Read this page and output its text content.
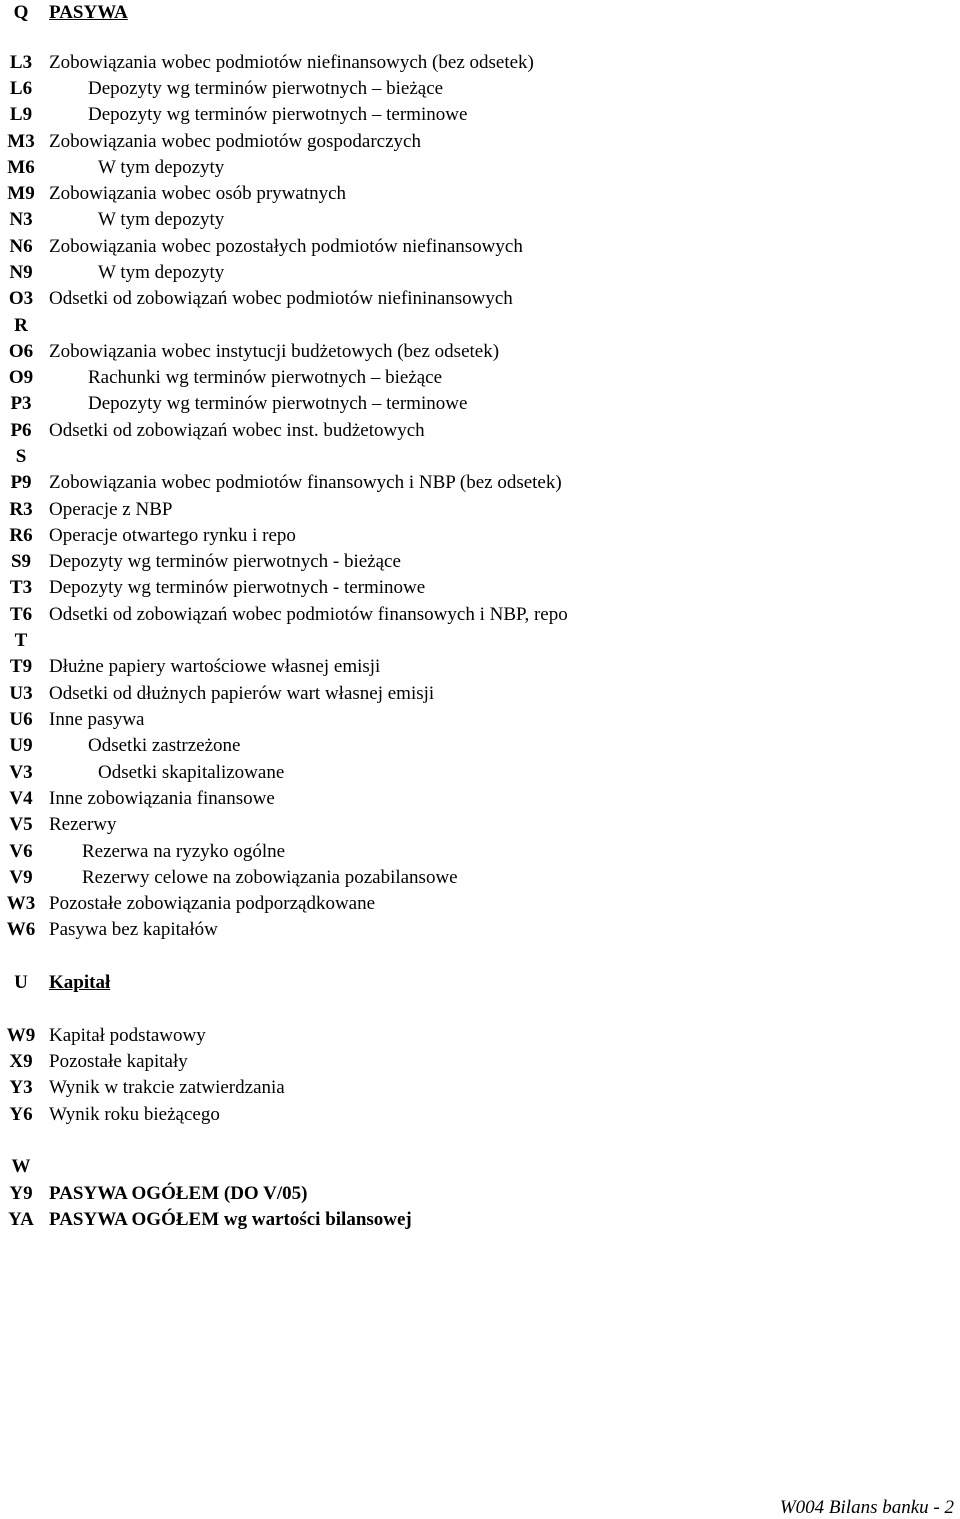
Q	PASYWA
L3 Zobowiązania wobec podmiotów niefinansowych (bez odsetek)
L6	Depozyty wg terminów pierwotnych – bieżące
L9	Depozyty wg terminów pierwotnych – terminowe
M3 Zobowiązania wobec podmiotów gospodarczych
M6	W tym depozyty
M9 Zobowiązania wobec osób prywatnych
N3	W tym depozyty
N6 Zobowiązania wobec pozostałych podmiotów niefinansowych
N9	W tym depozyty
O3 Odsetki od zobowiązań wobec podmiotów niefininansowych
R
O6 Zobowiązania wobec instytucji budżetowych (bez odsetek)
O9	Rachunki wg terminów pierwotnych – bieżące
P3	Depozyty wg terminów pierwotnych – terminowe
P6 Odsetki od zobowiązań wobec inst. budżetowych
S
P9 Zobowiązania wobec podmiotów finansowych i NBP (bez odsetek)
R3 Operacje z NBP
R6 Operacje otwartego rynku i repo
S9 Depozyty wg terminów pierwotnych - bieżące
T3 Depozyty wg terminów pierwotnych - terminowe
T6 Odsetki od zobowiązań wobec podmiotów finansowych i NBP, repo
T
T9 Dłużne papiery wartościowe własnej emisji
U3 Odsetki od dłużnych papierów wart własnej emisji
U6 Inne pasywa
U9	Odsetki zastrzeżone
V3	Odsetki skapitalizowane
V4 Inne zobowiązania finansowe
V5 Rezerwy
V6	Rezerwa na ryzyko ogólne
V9	Rezerwy celowe na zobowiązania pozabilansowe
W3 Pozostałe zobowiązania podporządkowane
W6 Pasywa bez kapitałów
U	Kapitał
W9 Kapitał podstawowy
X9 Pozostałe kapitały
Y3 Wynik w trakcie zatwierdzania
Y6 Wynik roku bieżącego
W
Y9 PASYWA OGÓŁEM (DO V/05)
YA PASYWA OGÓŁEM wg wartości bilansowej
W004 Bilans banku - 2
